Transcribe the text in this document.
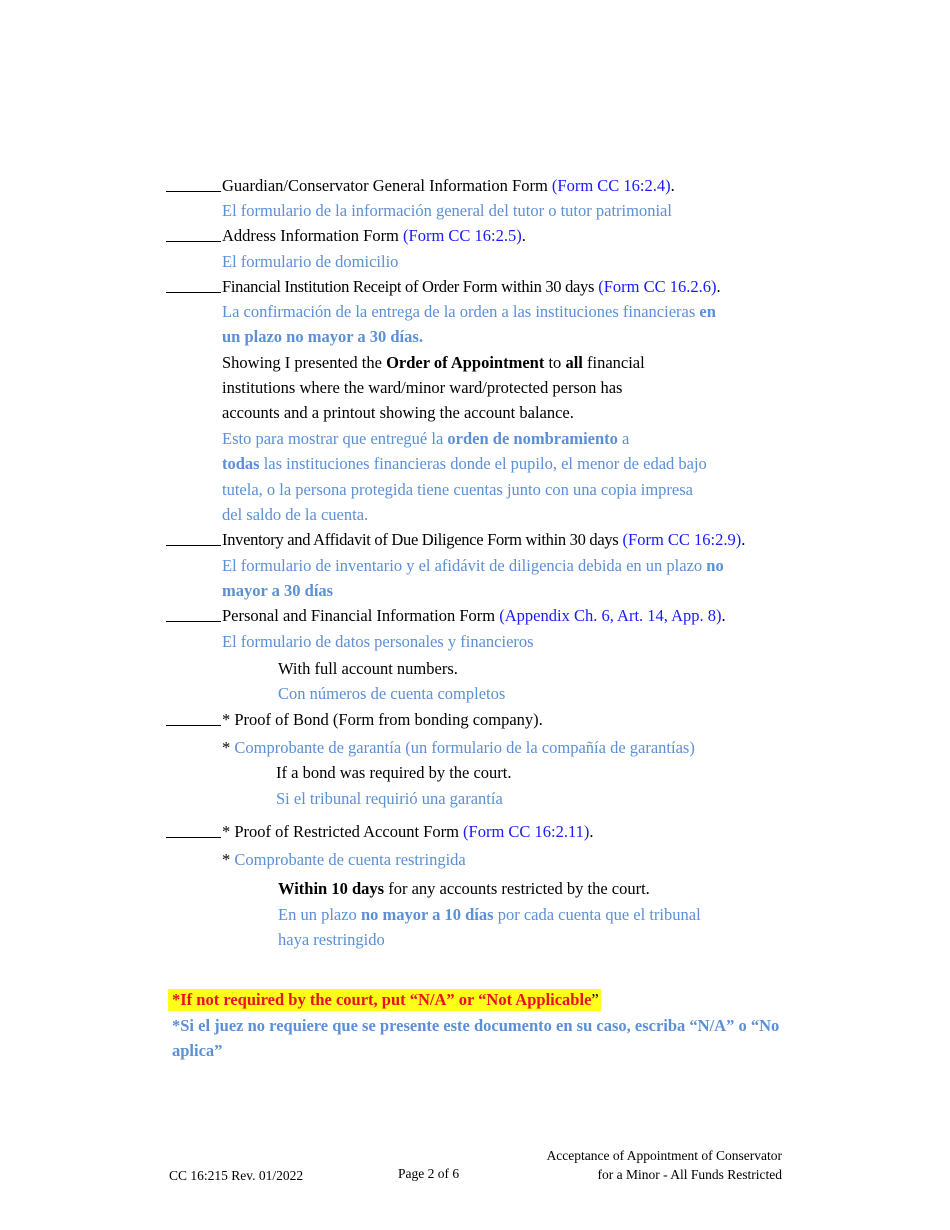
Guardian/Conservator General Information Form (Form CC 16:2.4).

El formulario de la información general del tutor o tutor patrimonial

Address Information Form (Form CC 16:2.5).

El formulario de domicilio

Financial Institution Receipt of Order Form within 30 days (Form CC 16.2.6).

La confirmación de la entrega de la orden a las instituciones financieras en

un plazo no mayor a 30 días.

Showing I presented the Order of Appointment to all financial

institutions where the ward/minor ward/protected person has

accounts and a printout showing the account balance.

Esto para mostrar que entregué la orden de nombramiento a

todas las instituciones financieras donde el pupilo, el menor de edad bajo

tutela, o la persona protegida tiene cuentas junto con una copia impresa

del saldo de la cuenta.

Inventory and Affidavit of Due Diligence Form within 30 days (Form CC 16:2.9).

El formulario de inventario y el afidávit de diligencia debida en un plazo no

mayor a 30 días

Personal and Financial Information Form (Appendix Ch. 6, Art. 14, App. 8).

El formulario de datos personales y financieros

With full account numbers.

Con números de cuenta completos

* Proof of Bond (Form from bonding company).

* Comprobante de garantía (un formulario de la compañía de garantías)

If a bond was required by the court.

Si el tribunal requirió una garantía

* Proof of Restricted Account Form (Form CC 16:2.11).

* Comprobante de cuenta restringida

Within 10 days for any accounts restricted by the court.

En un plazo no mayor a 10 días por cada cuenta que el tribunal

haya restringido

*If not required by the court, put “N/A” or “Not Applicable”

*Si el juez no requiere que se presente este documento en su caso, escriba “N/A” o “No aplica”

CC 16:215 Rev. 01/2022	Page 2 of 6

Acceptance of Appointment of Conservator
for a Minor - All Funds Restricted
